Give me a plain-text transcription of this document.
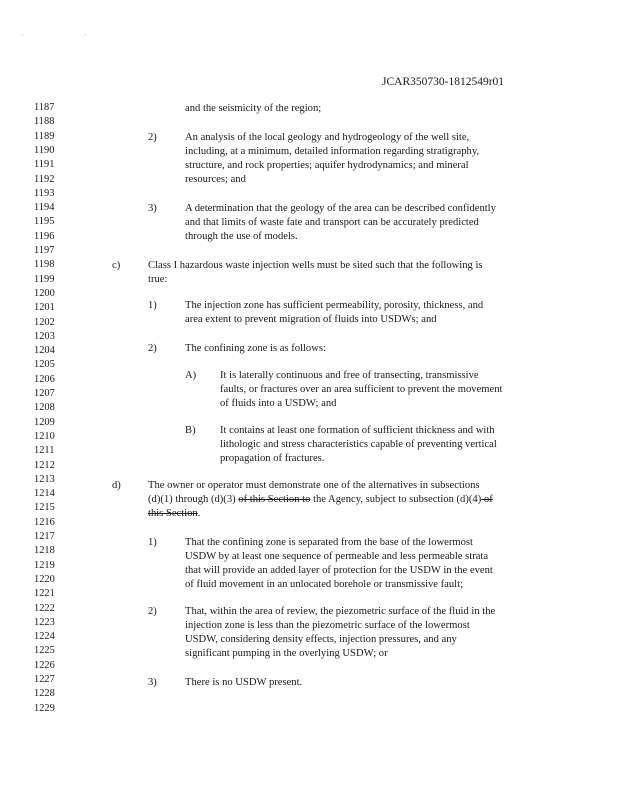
' '
JCAR350730-1812549r01
1187
1188
1189
1190
1191
1192
1193
1194
1195
1196
1197
1198
1199
1200
1201
1202
1203
1204
1205
1206
1207
1208
1209
1210
1211
1212
1213
1214
1215
1216
1217
1218
1219
1220
1221
1222
1223
1224
1225
1226
1227
1228
1229
and the seismicity of the region;
2)	An analysis of the local geology and hydrogeology of the well site,
including, at a minimum, detailed information regarding stratigraphy,
structure, and rock properties; aquifer hydrodynamics; and mineral
resources; and
3)	A determination that the geology of the area can be described confidently
and that limits of waste fate and transport can be accurately predicted
through the use of models.
c)	Class I hazardous waste injection wells must be sited such that the following is
true:
1)	The injection zone has sufficient permeability, porosity, thickness, and
area extent to prevent migration of fluids into USDWs; and
2)	The confining zone is as follows:
A) It is laterally continuous and free of transecting, transmissive
faults, or fractures over an area sufficient to prevent the movement
of fluids into a USDW; and
B) It contains at least one formation of sufficient thickness and with
lithologic and stress characteristics capable of preventing vertical
propagation of fractures.
d)	The owner or operator must demonstrate one of the alternatives in subsections
(d)(1) through (d)(3) of this Section to the Agency, subject to subsection (d)(4) of
this Section.
1)	That the confining zone is separated from the base of the lowermost
USDW by at least one sequence of permeable and less permeable strata
that will provide an added layer of protection for the USDW in the event
of fluid movement in an unlocated borehole or transmissive fault;
2)	That, within the area of review, the piezometric surface of the fluid in the
injection zone is less than the piezometric surface of the lowermost
USDW, considering density effects, injection pressures, and any
significant pumping in the overlying USDW; or
3)	There is no USDW present.
